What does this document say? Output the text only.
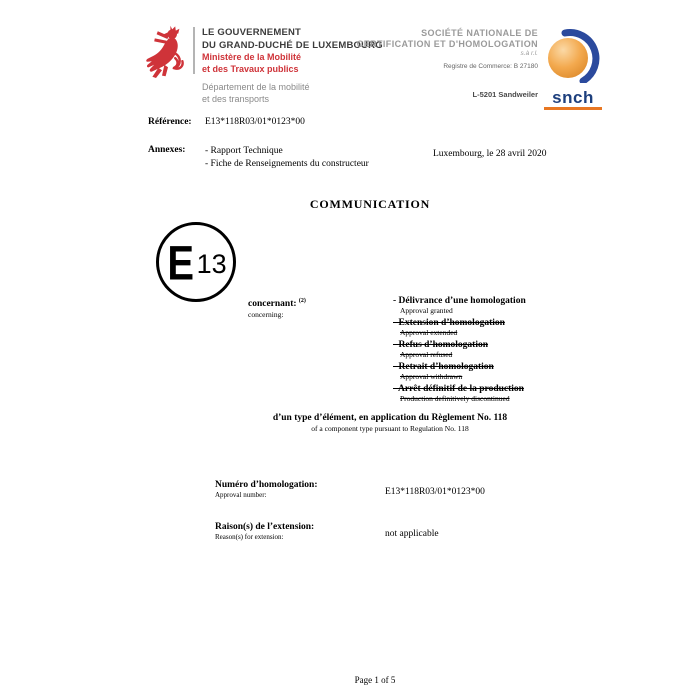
LE GOUVERNEMENT
DU GRAND-DUCHÉ DE LUXEMBOURG
Ministère de la Mobilité
et des Travaux publics
Département de la mobilité
et des transports
SOCIÉTÉ NATIONALE DE
CERTIFICATION ET D'HOMOLOGATION
s.à r.l.
Registre de Commerce: B 27180
L-5201 Sandweiler snch
Référence: E13*118R03/01*0123*00
Annexes: - Rapport Technique
- Fiche de Renseignements du constructeur
Luxembourg, le 28 avril 2020
COMMUNICATION
E 13
concernant: $^{(2)}$
concerning:
- Délivrance d’une homologation
Approval granted
- Extension d’homologation
Approval extended
- Refus d’homologation
Approval refused
- Retrait d’homologation
Approval withdrawn
- Arrêt définitif de la production
Production definitively discontinued
d’un type d’élément, en application du Règlement No. 118
of a component type pursuant to Regulation No. 118
Numéro d’homologation:
Approval number:	E13*118R03/01*0123*00
Raison(s) de l’extension:
Reason(s) for extension:	not applicable
Page 1 of 5
